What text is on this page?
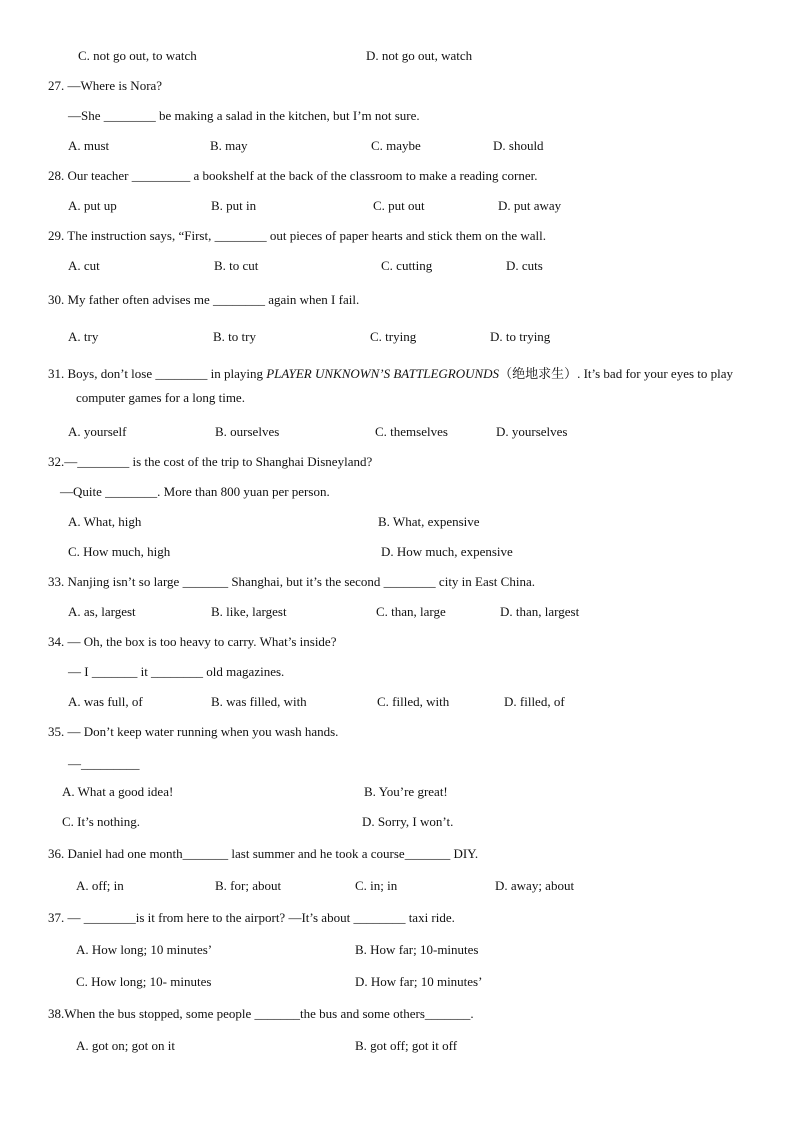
C. not go out, to watch	D. not go out, watch
27. —Where is Nora?
—She ________ be making a salad in the kitchen, but I’m not sure.
A. must	B. may	C. maybe	D. should
28. Our teacher _________ a bookshelf at the back of the classroom to make a reading corner.
A. put up	B. put in	C. put out	D. put away
29. The instruction says, “First, ________ out pieces of paper hearts and stick them on the wall.
A. cut	B. to cut	C. cutting	D. cuts
30. My father often advises me ________ again when I fail.
A. try	B. to try	C. trying	D. to trying
31. Boys, don’t lose ________ in playing PLAYER UNKNOWN’S BATTLEGROUNDS（绝地求生）. It’s bad for your eyes to play
computer games for a long time.
A. yourself	B. ourselves	C. themselves	D. yourselves
32.—________ is the cost of the trip to Shanghai Disneyland?
—Quite ________. More than 800 yuan per person.
A. What, high	B. What, expensive
C. How much, high	D. How much, expensive
33. Nanjing isn’t so large _______ Shanghai, but it’s the second ________ city in East China.
A. as, largest	B. like, largest	C. than, large	D. than, largest
34. — Oh, the box is too heavy to carry. What’s inside?
— I _______ it ________ old magazines.
A. was full, of	B. was filled, with	C. filled, with	D. filled, of
35. — Don’t keep water running when you wash hands.
—_________
A. What a good idea!	B. You’re great!
C. It’s nothing.	D. Sorry, I won’t.
36. Daniel had one month_______ last summer and he took a course_______ DIY.
A. off; in	B. for; about	C. in; in	D. away; about
37. — ________is it from here to the airport? —It’s about ________ taxi ride.
A. How long; 10 minutes’	B. How far; 10-minutes
C. How long; 10- minutes	D. How far; 10 minutes’
38.When the bus stopped, some people _______the bus and some others_______.
A. got on; got on it	B. got off; got it off
